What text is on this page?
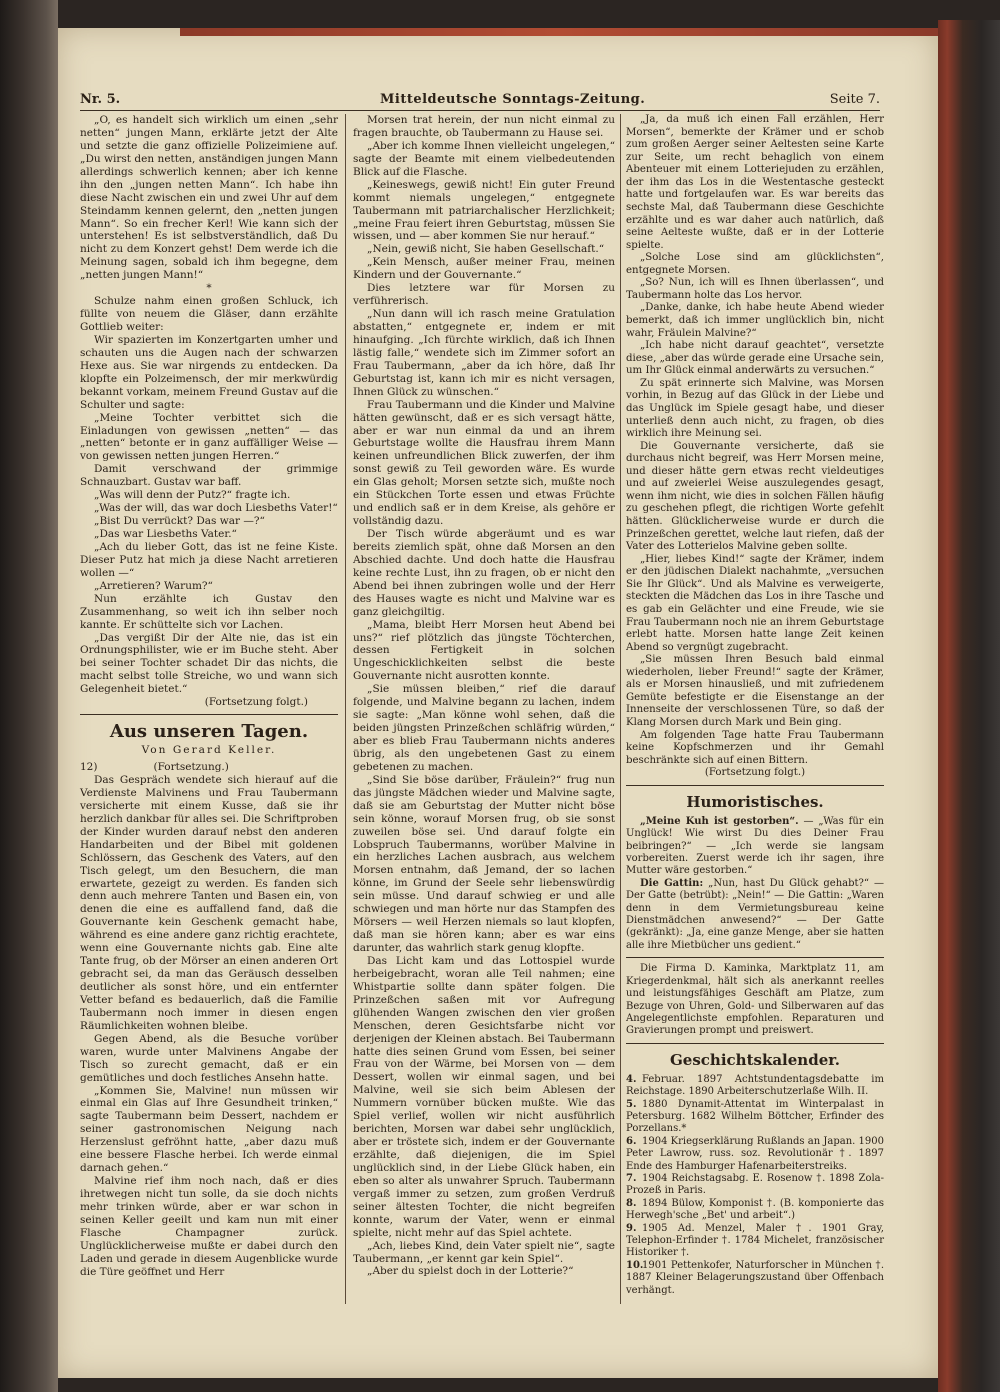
Nr. 5.	Mitteldeutsche Sonntags-Zeitung.	Seite 7.

„O, es handelt sich wirklich um einen „sehr netten“ jungen Mann, erklärte jetzt der Alte und setzte die ganz offizielle Polizeimiene auf. „Du wirst den netten, anständigen jungen Mann allerdings schwerlich kennen; aber ich kenne ihn den „jungen netten Mann“. Ich habe ihn diese Nacht zwischen ein und zwei Uhr auf dem Steindamm kennen gelernt, den „netten jungen Mann“. So ein frecher Kerl! Wie kann sich der unterstehen! Es ist selbstverständlich, daß Du nicht zu dem Konzert gehst! Dem werde ich die Meinung sagen, sobald ich ihm begegne, dem „netten jungen Mann!“

*

Schulze nahm einen großen Schluck, ich füllte von neuem die Gläser, dann erzählte Gottlieb weiter:

Wir spazierten im Konzertgarten umher und schauten uns die Augen nach der schwarzen Hexe aus. Sie war nirgends zu entdecken. Da klopfte ein Polzeimensch, der mir merkwürdig bekannt vorkam, meinem Freund Gustav auf die Schulter und sagte:

„Meine Tochter verbittet sich die Einladungen von gewissen „netten“ — das „netten“ betonte er in ganz auffälliger Weise — von gewissen netten jungen Herren.“

Damit verschwand der grimmige Schnauzbart. Gustav war baff.

„Was will denn der Putz?“ fragte ich.

„Was der will, das war doch Liesbeths Vater!“

„Bist Du verrückt? Das war —?“

„Das war Liesbeths Vater.“

„Ach du lieber Gott, das ist ne feine Kiste. Dieser Putz hat mich ja diese Nacht arretieren wollen —“

„Arretieren? Warum?“

Nun erzählte ich Gustav den Zusammenhang, so weit ich ihn selber noch kannte. Er schüttelte sich vor Lachen.

„Das vergißt Dir der Alte nie, das ist ein Ordnungsphilister, wie er im Buche steht. Aber bei seiner Tochter schadet Dir das nichts, die macht selbst tolle Streiche, wo und wann sich Gelegenheit bietet.“

(Fortsetzung folgt.)

Aus unseren Tagen.
Von Gerard Keller.

12)	(Fortsetzung.)

Das Gespräch wendete sich hierauf auf die Verdienste Malvinens und Frau Taubermann versicherte mit einem Kusse, daß sie ihr herzlich dankbar für alles sei. Die Schriftproben der Kinder wurden darauf nebst den anderen Handarbeiten und der Bibel mit goldenen Schlössern, das Geschenk des Vaters, auf den Tisch gelegt, um den Besuchern, die man erwartete, gezeigt zu werden. Es fanden sich denn auch mehrere Tanten und Basen ein, von denen die eine es auffallend fand, daß die Gouvernante kein Geschenk gemacht habe, während es eine andere ganz richtig erachtete, wenn eine Gouvernante nichts gab. Eine alte Tante frug, ob der Mörser an einen anderen Ort gebracht sei, da man das Geräusch desselben deutlicher als sonst höre, und ein entfernter Vetter befand es bedauerlich, daß die Familie Taubermann noch immer in diesen engen Räumlichkeiten wohnen bleibe.

Gegen Abend, als die Besuche vorüber waren, wurde unter Malvinens Angabe der Tisch so zurecht gemacht, daß er ein gemütliches und doch festliches Ansehn hatte.

„Kommen Sie, Malvine! nun müssen wir einmal ein Glas auf Ihre Gesundheit trinken,“ sagte Taubermann beim Dessert, nachdem er seiner gastronomischen Neigung nach Herzenslust gefröhnt hatte, „aber dazu muß eine bessere Flasche herbei. Ich werde einmal darnach gehen.“

Malvine rief ihm noch nach, daß er dies ihretwegen nicht tun solle, da sie doch nichts mehr trinken würde, aber er war schon in seinen Keller geeilt und kam nun mit einer Flasche Champagner zurück. Unglücklicherweise mußte er dabei durch den Laden und gerade in diesem Augenblicke wurde die Türe geöffnet und Herr

Morsen trat herein, der nun nicht einmal zu fragen brauchte, ob Taubermann zu Hause sei.

„Aber ich komme Ihnen vielleicht ungelegen,“ sagte der Beamte mit einem vielbedeutenden Blick auf die Flasche.

„Keineswegs, gewiß nicht! Ein guter Freund kommt niemals ungelegen,“ entgegnete Taubermann mit patriarchalischer Herzlichkeit; „meine Frau feiert ihren Geburtstag, müssen Sie wissen, und — aber kommen Sie nur herauf.“

„Nein, gewiß nicht, Sie haben Gesellschaft.“

„Kein Mensch, außer meiner Frau, meinen Kindern und der Gouvernante.“

Dies letztere war für Morsen zu verführerisch.

„Nun dann will ich rasch meine Gratulation abstatten,“ entgegnete er, indem er mit hinaufging. „Ich fürchte wirklich, daß ich Ihnen lästig falle,“ wendete sich im Zimmer sofort an Frau Taubermann, „aber da ich höre, daß Ihr Geburtstag ist, kann ich mir es nicht versagen, Ihnen Glück zu wünschen.“

Frau Taubermann und die Kinder und Malvine hätten gewünscht, daß er es sich versagt hätte, aber er war nun einmal da und an ihrem Geburtstage wollte die Hausfrau ihrem Mann keinen unfreundlichen Blick zuwerfen, der ihm sonst gewiß zu Teil geworden wäre. Es wurde ein Glas geholt; Morsen setzte sich, mußte noch ein Stückchen Torte essen und etwas Früchte und endlich saß er in dem Kreise, als gehöre er vollständig dazu.

Der Tisch würde abgeräumt und es war bereits ziemlich spät, ohne daß Morsen an den Abschied dachte. Und doch hatte die Hausfrau keine rechte Lust, ihn zu fragen, ob er nicht den Abend bei ihnen zubringen wolle und der Herr des Hauses wagte es nicht und Malvine war es ganz gleichgiltig.

„Mama, bleibt Herr Morsen heut Abend bei uns?“ rief plötzlich das jüngste Töchterchen, dessen Fertigkeit in solchen Ungeschicklichkeiten selbst die beste Gouvernante nicht ausrotten konnte.

„Sie müssen bleiben,“ rief die darauf folgende, und Malvine begann zu lachen, indem sie sagte: „Man könne wohl sehen, daß die beiden jüngsten Prinzeßchen schläfrig würden,“ aber es blieb Frau Taubermann nichts anderes übrig, als den ungebetenen Gast zu einem gebetenen zu machen.

„Sind Sie böse darüber, Fräulein?“ frug nun das jüngste Mädchen wieder und Malvine sagte, daß sie am Geburtstag der Mutter nicht böse sein könne, worauf Morsen frug, ob sie sonst zuweilen böse sei. Und darauf folgte ein Lobspruch Taubermanns, worüber Malvine in ein herzliches Lachen ausbrach, aus welchem Morsen entnahm, daß Jemand, der so lachen könne, im Grund der Seele sehr liebenswürdig sein müsse. Und darauf schwieg er und alle schwiegen und man hörte nur das Stampfen des Mörsers — weil Herzen niemals so laut klopfen, daß man sie hören kann; aber es war eins darunter, das wahrlich stark genug klopfte.

Das Licht kam und das Lottospiel wurde herbeigebracht, woran alle Teil nahmen; eine Whistpartie sollte dann später folgen. Die Prinzeßchen saßen mit vor Aufregung glühenden Wangen zwischen den vier großen Menschen, deren Gesichtsfarbe nicht vor derjenigen der Kleinen abstach. Bei Taubermann hatte dies seinen Grund vom Essen, bei seiner Frau von der Wärme, bei Morsen von — dem Dessert, wollen wir einmal sagen, und bei Malvine, weil sie sich beim Ablesen der Nummern vornüber bücken mußte. Wie das Spiel verlief, wollen wir nicht ausführlich berichten, Morsen war dabei sehr unglücklich, aber er tröstete sich, indem er der Gouvernante erzählte, daß diejenigen, die im Spiel unglücklich sind, in der Liebe Glück haben, ein eben so alter als unwahrer Spruch. Taubermann vergaß immer zu setzen, zum großen Verdruß seiner ältesten Tochter, die nicht begreifen konnte, warum der Vater, wenn er einmal spielte, nicht mehr auf das Spiel achtete.

„Ach, liebes Kind, dein Vater spielt nie“, sagte Taubermann, „er kennt gar kein Spiel“.

„Aber du spielst doch in der Lotterie?“

„Ja, da muß ich einen Fall erzählen, Herr Morsen“, bemerkte der Krämer und er schob zum großen Aerger seiner Aeltesten seine Karte zur Seite, um recht behaglich von einem Abenteuer mit einem Lotteriejuden zu erzählen, der ihm das Los in die Westentasche gesteckt hatte und fortgelaufen war. Es war bereits das sechste Mal, daß Taubermann diese Geschichte erzählte und es war daher auch natürlich, daß seine Aelteste wußte, daß er in der Lotterie spielte.

„Solche Lose sind am glücklichsten“, entgegnete Morsen.

„So? Nun, ich will es Ihnen überlassen“, und Taubermann holte das Los hervor.

„Danke, danke, ich habe heute Abend wieder bemerkt, daß ich immer unglücklich bin, nicht wahr, Fräulein Malvine?“

„Ich habe nicht darauf geachtet“, versetzte diese, „aber das würde gerade eine Ursache sein, um Ihr Glück einmal anderwärts zu versuchen.“

Zu spät erinnerte sich Malvine, was Morsen vorhin, in Bezug auf das Glück in der Liebe und das Unglück im Spiele gesagt habe, und dieser unterließ denn auch nicht, zu fragen, ob dies wirklich ihre Meinung sei.

Die Gouvernante versicherte, daß sie durchaus nicht begreif, was Herr Morsen meine, und dieser hätte gern etwas recht vieldeutiges und auf zweierlei Weise auszulegendes gesagt, wenn ihm nicht, wie dies in solchen Fällen häufig zu geschehen pflegt, die richtigen Worte gefehlt hätten. Glücklicherweise wurde er durch die Prinzeßchen gerettet, welche laut riefen, daß der Vater des Lotterielos Malvine geben sollte.

„Hier, liebes Kind!“ sagte der Krämer, indem er den jüdischen Dialekt nachahmte, „versuchen Sie Ihr Glück“. Und als Malvine es verweigerte, steckten die Mädchen das Los in ihre Tasche und es gab ein Gelächter und eine Freude, wie sie Frau Taubermann noch nie an ihrem Geburtstage erlebt hatte. Morsen hatte lange Zeit keinen Abend so vergnügt zugebracht.

„Sie müssen Ihren Besuch bald einmal wiederholen, lieber Freund!“ sagte der Krämer, als er Morsen hinausließ, und mit zufriedenem Gemüte befestigte er die Eisenstange an der Innenseite der verschlossenen Türe, so daß der Klang Morsen durch Mark und Bein ging.

Am folgenden Tage hatte Frau Taubermann keine Kopfschmerzen und ihr Gemahl beschränkte sich auf einen Bittern.

(Fortsetzung folgt.)

Humoristisches.

„Meine Kuh ist gestorben“. — „Was für ein Unglück! Wie wirst Du dies Deiner Frau beibringen?“ — „Ich werde sie langsam vorbereiten. Zuerst werde ich ihr sagen, ihre Mutter wäre gestorben.“

Die Gattin: „Nun, hast Du Glück gehabt?“ — Der Gatte (betrübt): „Nein!“ — Die Gattin: „Waren denn in dem Vermietungsbureau keine Dienstmädchen anwesend?“ — Der Gatte (gekränkt): „Ja, eine ganze Menge, aber sie hatten alle ihre Mietbücher uns gedient.“

Die Firma D. Kaminka, Marktplatz 11, am Kriegerdenkmal, hält sich als anerkannt reelles und leistungsfähiges Geschäft am Platze, zum Bezuge von Uhren, Gold- und Silberwaren auf das Angelegentlichste empfohlen. Reparaturen und Gravierungen prompt und preiswert.

Geschichtskalender.
4. Februar. 1897 Achtstundentagsdebatte im Reichstage. 1890 Arbeiterschutzerlaße Wilh. II.
5. 1880 Dynamit-Attentat im Winterpalast in Petersburg. 1682 Wilhelm Böttcher, Erfinder des Porzellans.*
6. 1904 Kriegserklärung Rußlands an Japan. 1900 Peter Lawrow, russ. soz. Revolutionär †. 1897 Ende des Hamburger Hafenarbeiterstreiks.
7. 1904 Reichstagsabg. E. Rosenow †. 1898 Zola-Prozeß in Paris.
8. 1894 Bülow, Komponist †. (B. komponierte das Herwegh'sche „Bet' und arbeit“.)
9. 1905 Ad. Menzel, Maler †. 1901 Gray, Telephon-Erfinder †. 1784 Michelet, französischer Historiker †.
10.1901 Pettenkofer, Naturforscher in München †. 1887 Kleiner Belagerungszustand über Offenbach verhängt.
